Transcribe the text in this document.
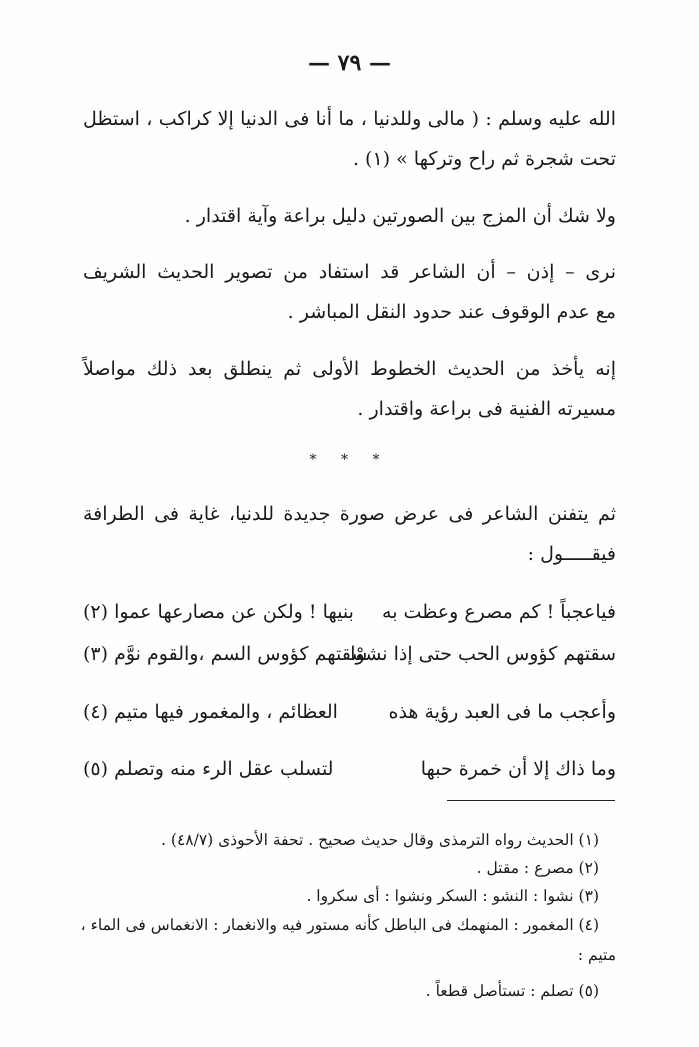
— ٧٩ —
الله عليه وسلم : ( مالى وللدنيا ، ما أنا فى الدنيا إلا كراكب ، استظل
تحت شجرة ثم راح وتركها » (١) .
ولا شك أن المزج بين الصورتين دليل براعة وآية اقتدار .
نرى – إذن – أن الشاعر قد استفاد من تصوير الحديث الشريف
مع عدم الوقوف عند حدود النقل المباشر .
إنه يأخذ من الحديث الخطوط الأولى ثم ينطلق بعد ذلك مواصلاً
مسيرته الفنية فى براعة واقتدار .
* * *
ثم يتفنن الشاعر فى عرض صورة جديدة للدنيا، غاية فى الطرافة
فيقـــــول :
فياعجباً ! كم مصرع وعظت به
بنيها ! ولكن عن مصارعها عموا (٢)
سقتهم كؤوس الحب حتى إذا نشوْا
سقتهم كؤوس السم ،والقوم نوَّم (٣)
وأعجب ما فى العبد رؤية هذه
العظائم ، والمغمور فيها متيم (٤)
وما ذاك إلا أن خمرة حبها
لتسلب عقل الرء منه وتصلم (٥)
(١) الحديث رواه الترمذى وقال حديث صحيح . تحفة الأحوذى (٤٨/٧) .
(٢) مصرع : مقتل .
(٣) نشوا : النشو : السكر ونشوا : أى سكروا .
(٤) المغمور : المنهمك فى الباطل كأنه مستور فيه والانغمار : الانغماس فى الماء ،
متيم :
(٥) تصلم : تستأصل قطعاً .
